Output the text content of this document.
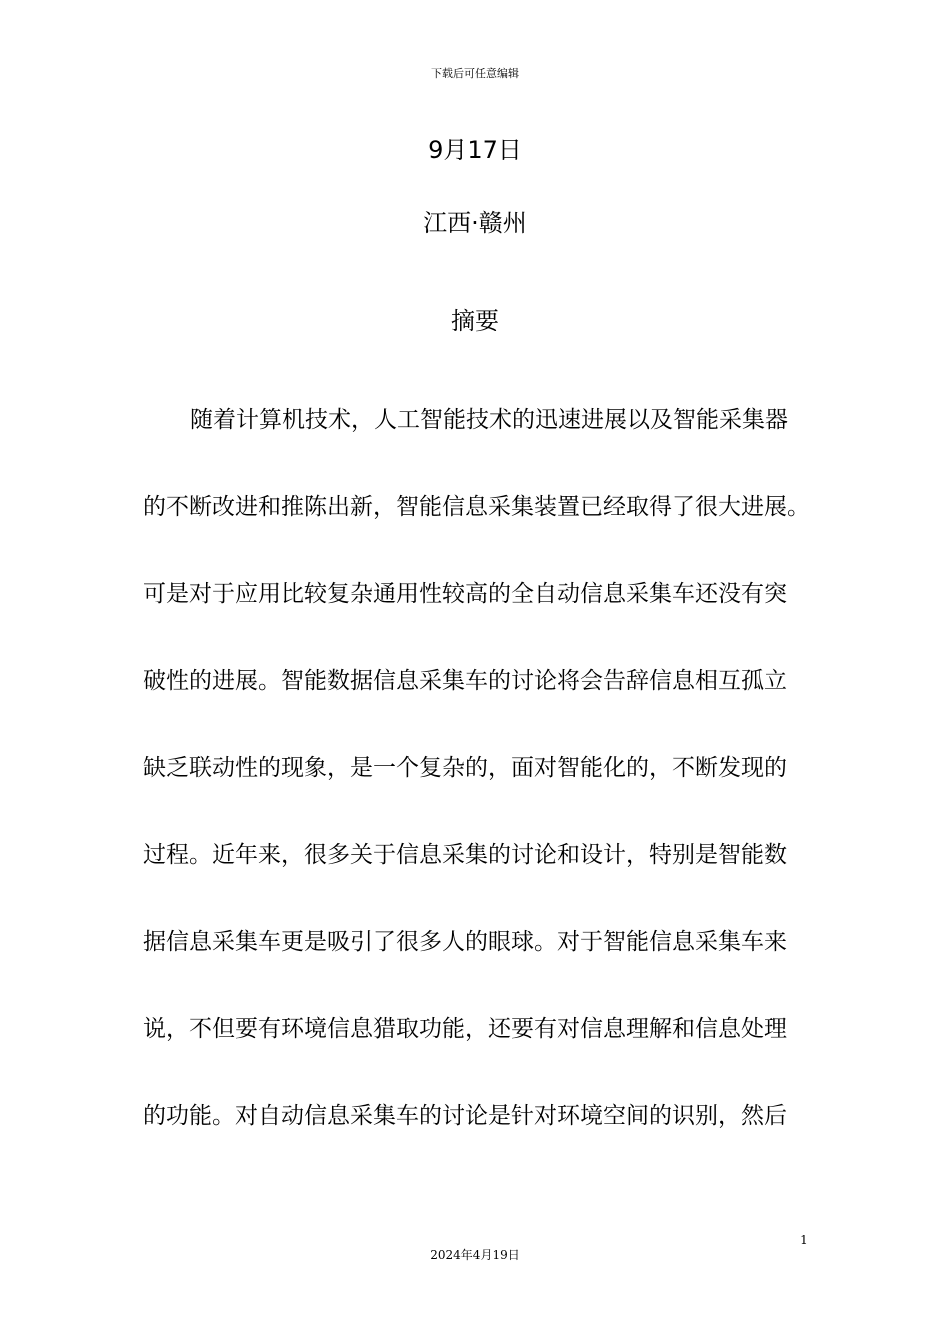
下载后可任意编辑
9月17日
江西·赣州
摘要
随着计算机技术，人工智能技术的迅速进展以及智能采集器
的不断改进和推陈出新，智能信息采集装置已经取得了很大进展。
可是对于应用比较复杂通用性较高的全自动信息采集车还没有突
破性的进展。智能数据信息采集车的讨论将会告辞信息相互孤立
缺乏联动性的现象，是一个复杂的，面对智能化的，不断发现的
过程。近年来，很多关于信息采集的讨论和设计，特别是智能数
据信息采集车更是吸引了很多人的眼球。对于智能信息采集车来
说，不但要有环境信息猎取功能，还要有对信息理解和信息处理
的功能。对自动信息采集车的讨论是针对环境空间的识别，然后
1
2024年4月19日
